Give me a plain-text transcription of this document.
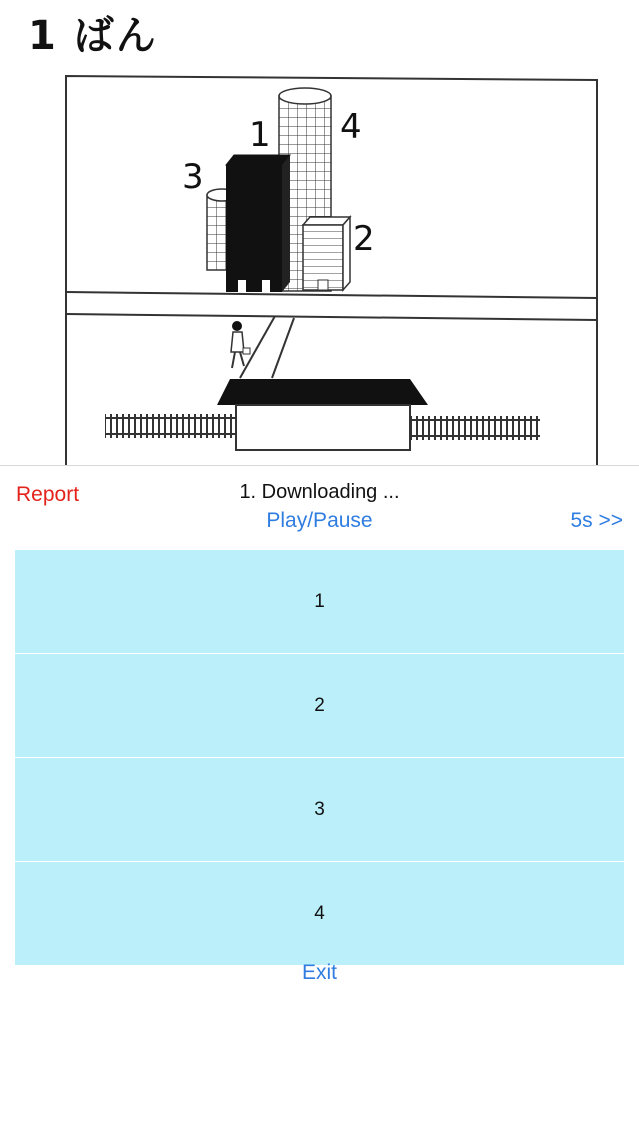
1 ばん
1
2
3
4
Report	1. Downloading ...
Play/Pause	5s >>
1
2
3
4
Exit
